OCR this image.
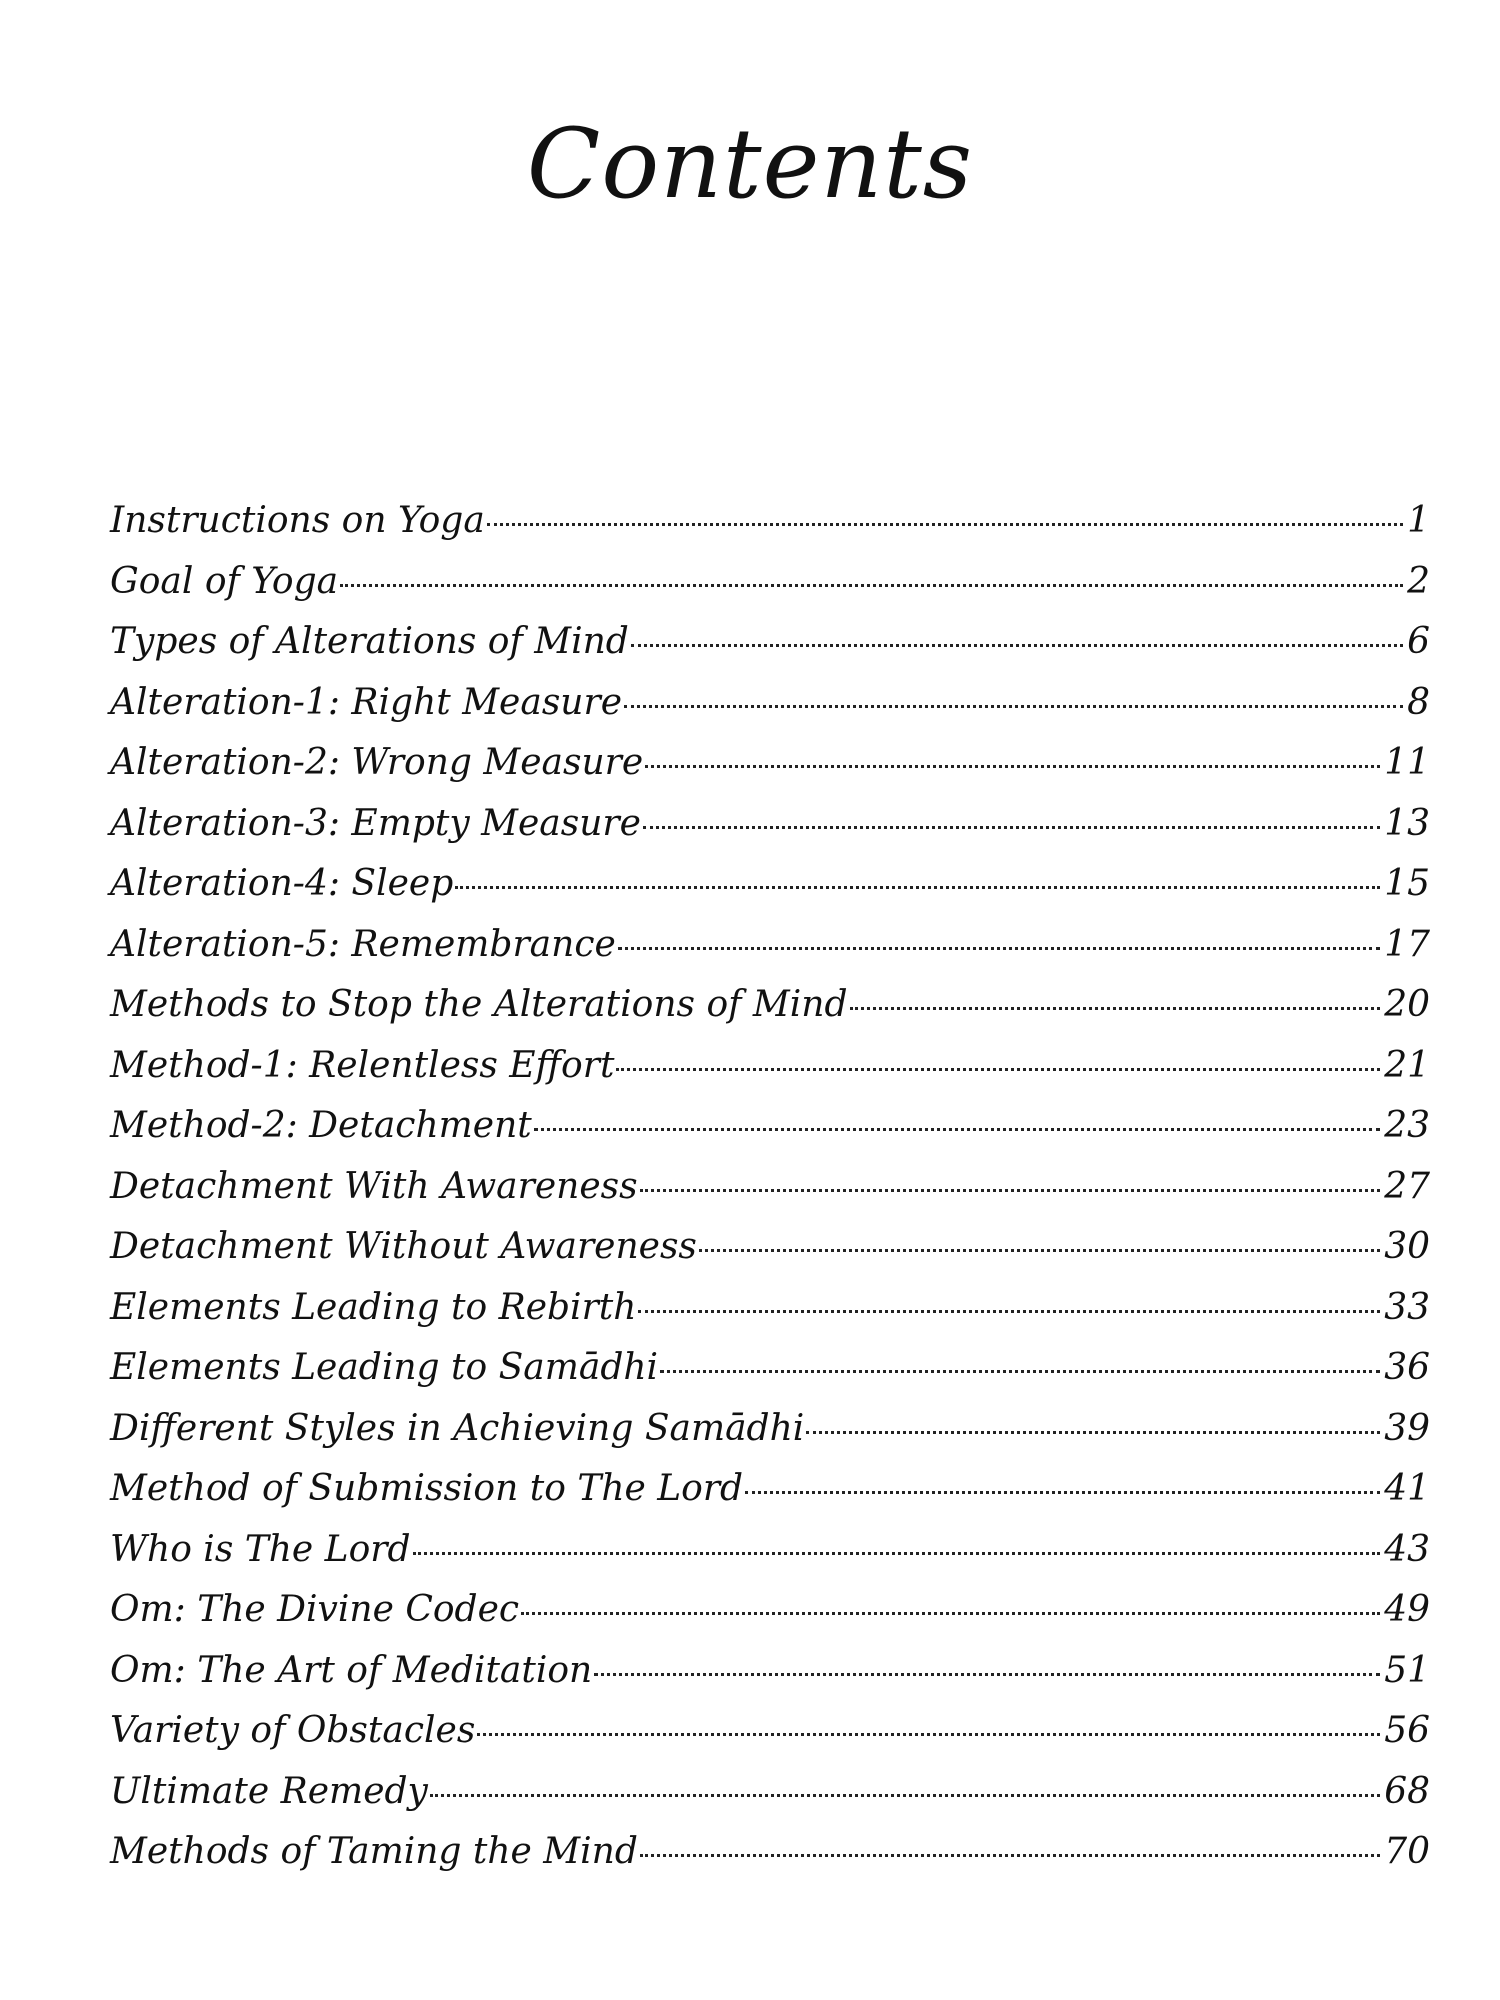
Contents
Instructions on Yoga	1
Goal of Yoga	2
Types of Alterations of Mind	6
Alteration-1: Right Measure	8
Alteration-2: Wrong Measure	11
Alteration-3: Empty Measure	13
Alteration-4: Sleep	15
Alteration-5: Remembrance	17
Methods to Stop the Alterations of Mind	20
Method-1: Relentless Effort	21
Method-2: Detachment	23
Detachment With Awareness	27
Detachment Without Awareness	30
Elements Leading to Rebirth	33
Elements Leading to Samādhi	36
Different Styles in Achieving Samādhi	39
Method of Submission to The Lord	41
Who is The Lord	43
Om: The Divine Codec	49
Om: The Art of Meditation	51
Variety of Obstacles	56
Ultimate Remedy	68
Methods of Taming the Mind	70
